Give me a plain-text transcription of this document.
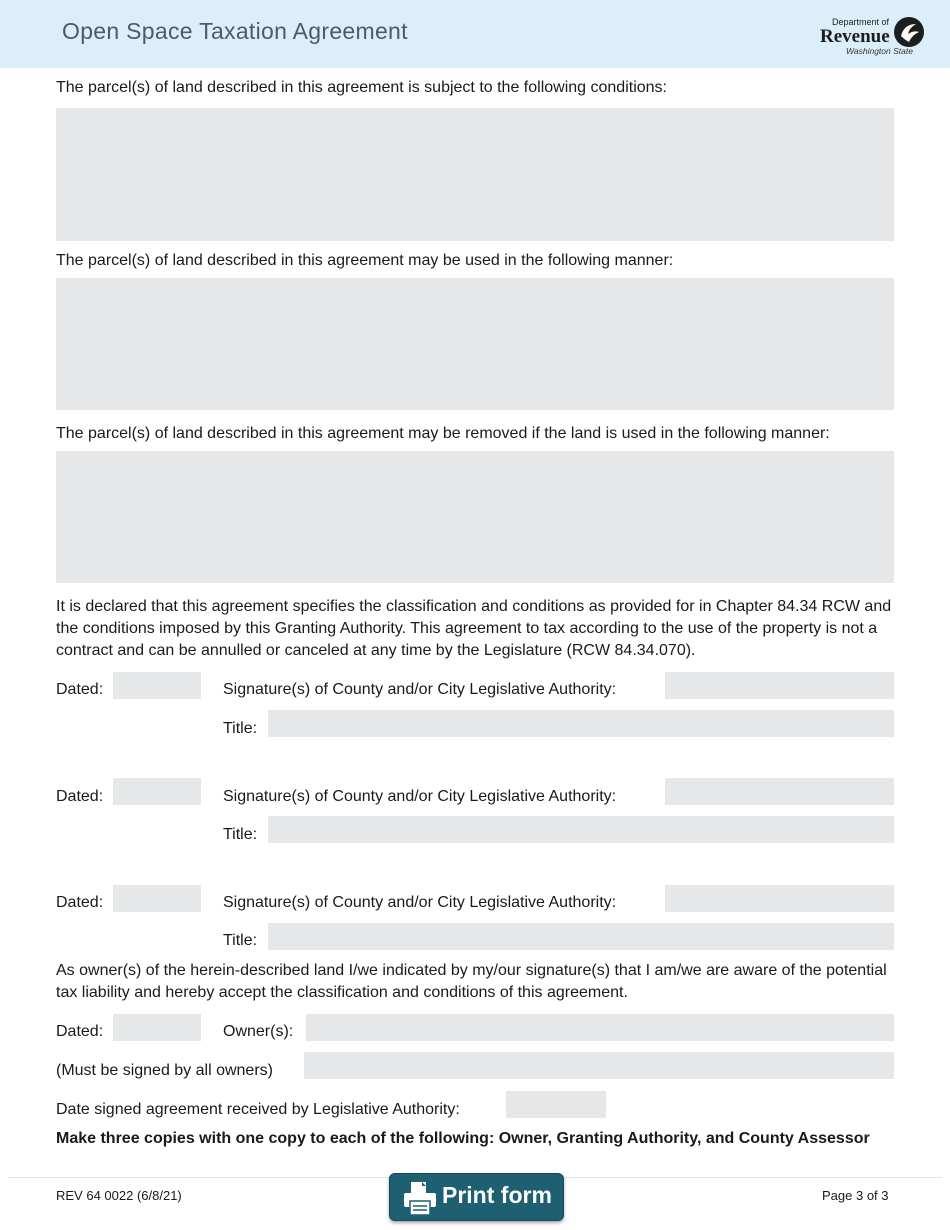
Open Space Taxation Agreement	Department of
Revenue
Washington State
The parcel(s) of land described in this agreement is subject to the following conditions:
The parcel(s) of land described in this agreement may be used in the following manner:
The parcel(s) of land described in this agreement may be removed if the land is used in the following manner:
It is declared that this agreement specifies the classification and conditions as provided for in Chapter 84.34 RCW and the conditions imposed by this Granting Authority. This agreement to tax according to the use of the property is not a contract and can be annulled or canceled at any time by the Legislature (RCW 84.34.070).
Dated:	Signature(s) of County and/or City Legislative Authority:
Title:
Dated:	Signature(s) of County and/or City Legislative Authority:
Title:
Dated:	Signature(s) of County and/or City Legislative Authority:
Title:
As owner(s) of the herein-described land I/we indicated by my/our signature(s) that I am/we are aware of the potential tax liability and hereby accept the classification and conditions of this agreement.
Dated:	Owner(s):
(Must be signed by all owners)
Date signed agreement received by Legislative Authority:
Make three copies with one copy to each of the following: Owner, Granting Authority, and County Assessor
REV 64 0022 (6/8/21)	Print form	Page 3 of 3
